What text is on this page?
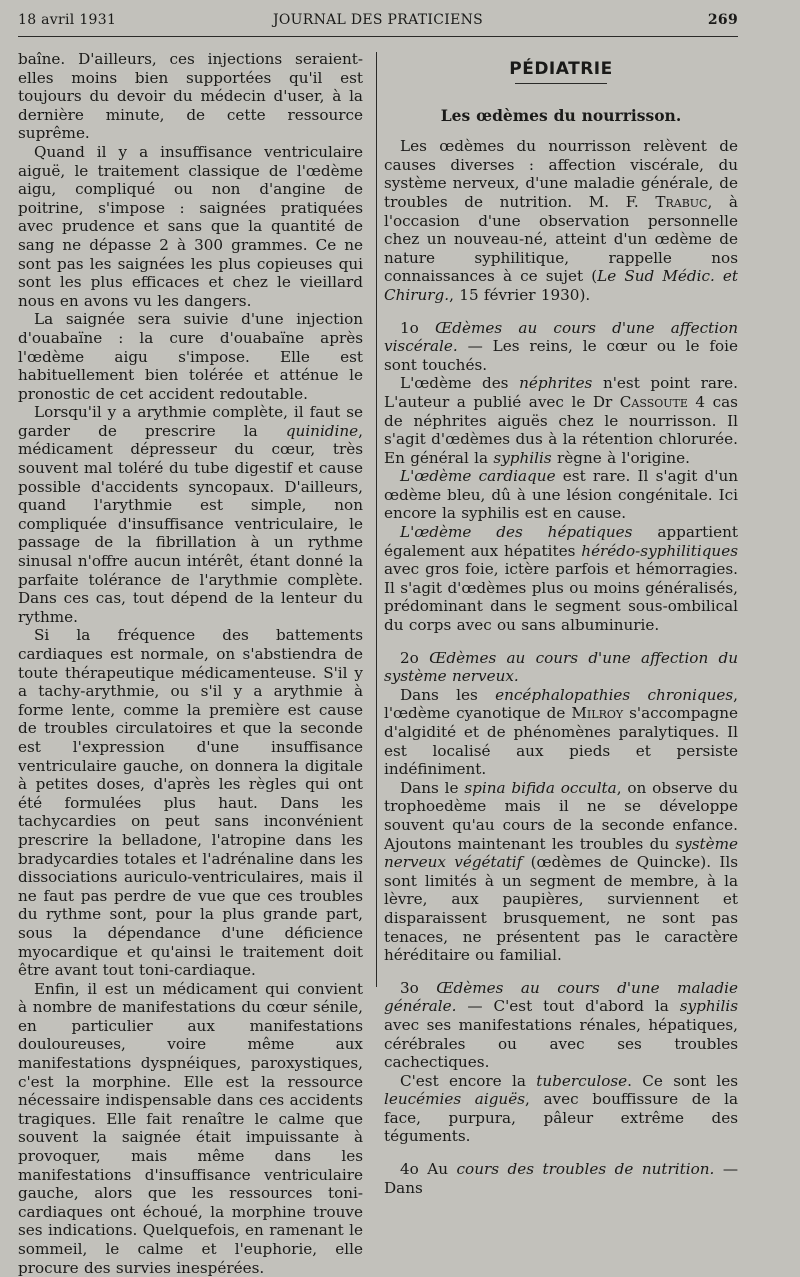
18 avril 1931	JOURNAL DES PRATICIENS	269

baîne. D'ailleurs, ces injections seraient-elles moins bien supportées qu'il est toujours du devoir du médecin d'user, à la dernière minute, de cette ressource suprême.

Quand il y a insuffisance ventriculaire aiguë, le traitement classique de l'œdème aigu, compliqué ou non d'angine de poitrine, s'impose : saignées pratiquées avec prudence et sans que la quantité de sang ne dépasse 2 à 300 grammes. Ce ne sont pas les saignées les plus copieuses qui sont les plus efficaces et chez le vieillard nous en avons vu les dangers.

La saignée sera suivie d'une injection d'ouabaïne : la cure d'ouabaïne après l'œdème aigu s'impose. Elle est habituellement bien tolérée et atténue le pronostic de cet accident redoutable.

Lorsqu'il y a arythmie complète, il faut se garder de prescrire la quinidine, médicament dépresseur du cœur, très souvent mal toléré du tube digestif et cause possible d'accidents syncopaux. D'ailleurs, quand l'arythmie est simple, non compliquée d'insuffisance ventriculaire, le passage de la fibrillation à un rythme sinusal n'offre aucun intérêt, étant donné la parfaite tolérance de l'arythmie complète. Dans ces cas, tout dépend de la lenteur du rythme.

Si la fréquence des battements cardiaques est normale, on s'abstiendra de toute thérapeutique médicamenteuse. S'il y a tachy-arythmie, ou s'il y a arythmie à forme lente, comme la première est cause de troubles circulatoires et que la seconde est l'expression d'une insuffisance ventriculaire gauche, on donnera la digitale à petites doses, d'après les règles qui ont été formulées plus haut. Dans les tachycardies on peut sans inconvénient prescrire la belladone, l'atropine dans les bradycardies totales et l'adrénaline dans les dissociations auriculo-ventriculaires, mais il ne faut pas perdre de vue que ces troubles du rythme sont, pour la plus grande part, sous la dépendance d'une déficience myocardique et qu'ainsi le traitement doit être avant tout toni-cardiaque.

Enfin, il est un médicament qui convient à nombre de manifestations du cœur sénile, en particulier aux manifestations douloureuses, voire même aux manifestations dyspnéiques, paroxystiques, c'est la morphine. Elle est la ressource nécessaire indispensable dans ces accidents tragiques. Elle fait renaître le calme que souvent la saignée était impuissante à provoquer, mais même dans les manifestations d'insuffisance ventriculaire gauche, alors que les ressources toni-cardiaques ont échoué, la morphine trouve ses indications. Quelquefois, en ramenant le sommeil, le calme et l'euphorie, elle procure des survies inespérées.

PÉDIATRIE
Les œdèmes du nourrisson.

Les œdèmes du nourrisson relèvent de causes diverses : affection viscérale, du système nerveux, d'une maladie générale, de troubles de nutrition. M. F. Trabuc, à l'occasion d'une observation personnelle chez un nouveau-né, atteint d'un œdème de nature syphilitique, rappelle nos connaissances à ce sujet (Le Sud Médic. et Chirurg., 15 février 1930).

1o Œdèmes au cours d'une affection viscérale. — Les reins, le cœur ou le foie sont touchés.

L'œdème des néphrites n'est point rare. L'auteur a publié avec le Dr Cassoute 4 cas de néphrites aiguës chez le nourrisson. Il s'agit d'œdèmes dus à la rétention chlorurée. En général la syphilis règne à l'origine.

L'œdème cardiaque est rare. Il s'agit d'un œdème bleu, dû à une lésion congénitale. Ici encore la syphilis est en cause.

L'œdème des hépatiques appartient également aux hépatites hérédo-syphilitiques avec gros foie, ictère parfois et hémorragies. Il s'agit d'œdèmes plus ou moins généralisés, prédominant dans le segment sous-ombilical du corps avec ou sans albuminurie.

2o Œdèmes au cours d'une affection du système nerveux.

Dans les encéphalopathies chroniques, l'œdème cyanotique de Milroy s'accompagne d'algidité et de phénomènes paralytiques. Il est localisé aux pieds et persiste indéfiniment.

Dans le spina bifida occulta, on observe du trophoedème mais il ne se développe souvent qu'au cours de la seconde enfance. Ajoutons maintenant les troubles du système nerveux végétatif (œdèmes de Quincke). Ils sont limités à un segment de membre, à la lèvre, aux paupières, surviennent et disparaissent brusquement, ne sont pas tenaces, ne présentent pas le caractère héréditaire ou familial.

3o Œdèmes au cours d'une maladie générale. — C'est tout d'abord la syphilis avec ses manifestations rénales, hépatiques, cérébrales ou avec ses troubles cachectiques.

C'est encore la tuberculose. Ce sont les leucémies aiguës, avec bouffissure de la face, purpura, pâleur extrême des téguments.

4o Au cours des troubles de nutrition. — Dans
